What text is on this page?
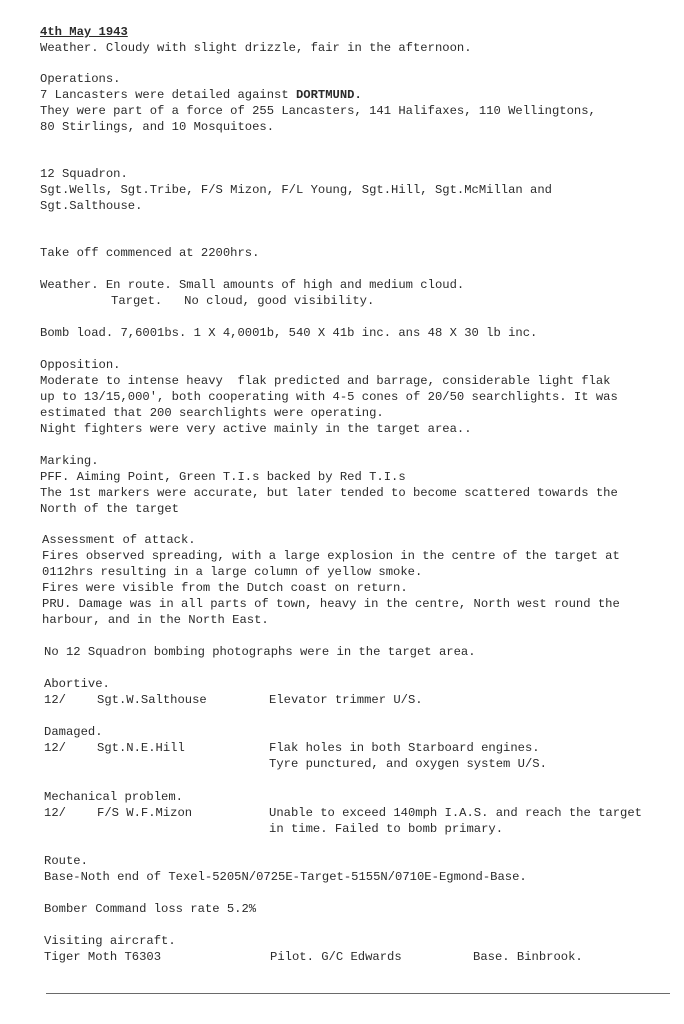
4th May 1943
Weather. Cloudy with slight drizzle, fair in the afternoon.
Operations.
7 Lancasters were detailed against DORTMUND.
They were part of a force of 255 Lancasters, 141 Halifaxes, 110 Wellingtons,
80 Stirlings, and 10 Mosquitoes.
12 Squadron.
Sgt.Wells, Sgt.Tribe, F/S Mizon, F/L Young, Sgt.Hill, Sgt.McMillan and
Sgt.Salthouse.
Take off commenced at 2200hrs.
Weather. En route. Small amounts of high and medium cloud.
Target.   No cloud, good visibility.
Bomb load. 7,6001bs. 1 X 4,0001b, 540 X 41b inc. ans 48 X 30 lb inc.
Opposition.
Moderate to intense heavy  flak predicted and barrage, considerable light flak
up to 13/15,000', both cooperating with 4-5 cones of 20/50 searchlights. It was
estimated that 200 searchlights were operating.
Night fighters were very active mainly in the target area..
Marking.
PFF. Aiming Point, Green T.I.s backed by Red T.I.s
The 1st markers were accurate, but later tended to become scattered towards the
North of the target
Assessment of attack.
Fires observed spreading, with a large explosion in the centre of the target at
0112hrs resulting in a large column of yellow smoke.
Fires were visible from the Dutch coast on return.
PRU. Damage was in all parts of town, heavy in the centre, North west round the
harbour, and in the North East.
No 12 Squadron bombing photographs were in the target area.
Abortive.
12/	Sgt.W.Salthouse	Elevator trimmer U/S.
Damaged.
12/	Sgt.N.E.Hill	Flak holes in both Starboard engines.
Tyre punctured, and oxygen system U/S.
Mechanical problem.
12/	F/S W.F.Mizon	Unable to exceed 140mph I.A.S. and reach the target
in time. Failed to bomb primary.
Route.
Base-Noth end of Texel-5205N/0725E-Target-5155N/0710E-Egmond-Base.
Bomber Command loss rate 5.2%
Visiting aircraft.
Tiger Moth T6303	Pilot. G/C Edwards	Base. Binbrook.
